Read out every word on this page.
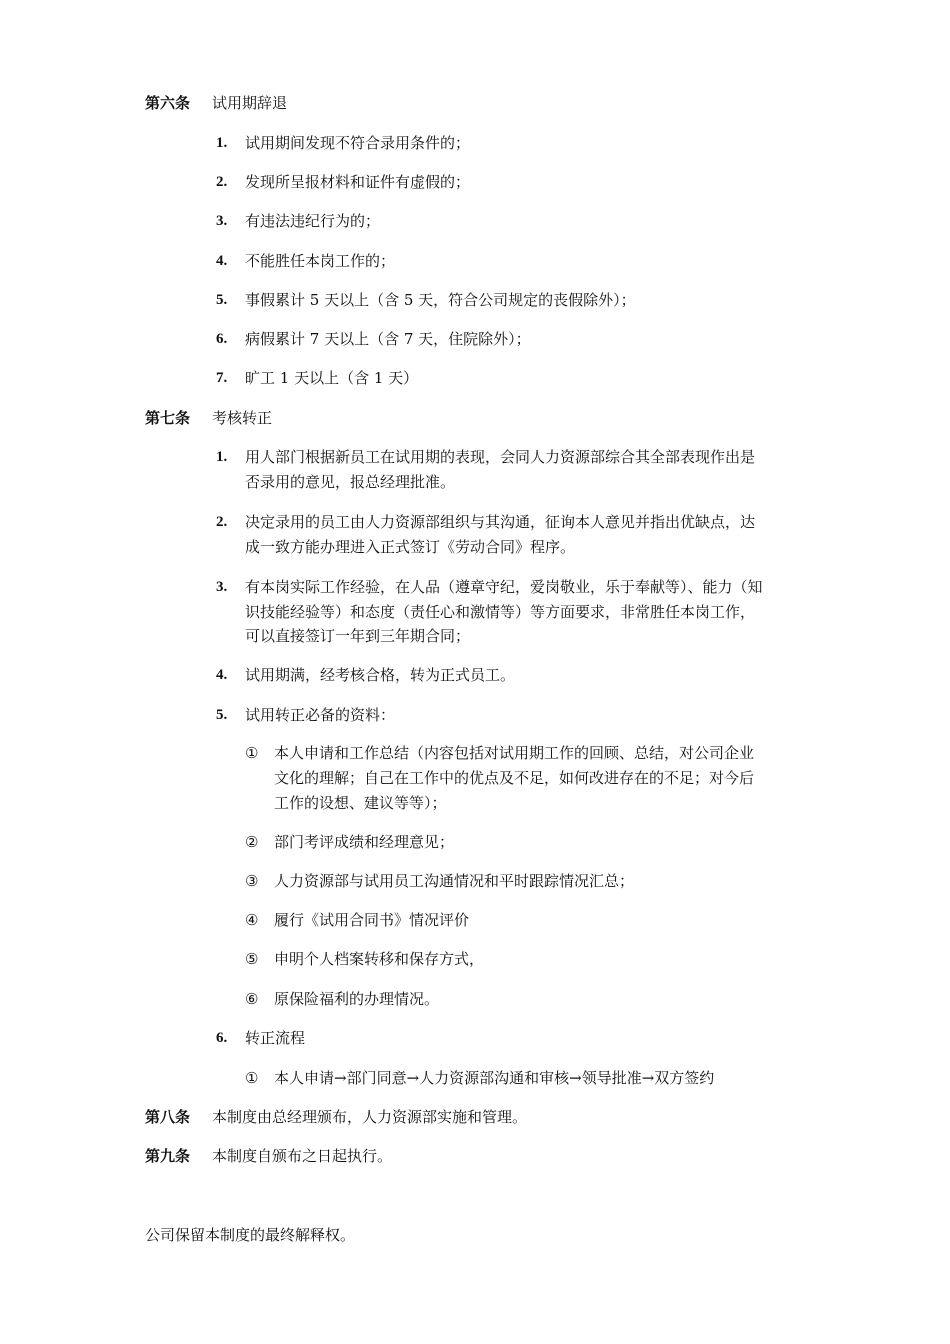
第六条 试用期辞退
1. 试用期间发现不符合录用条件的；
2. 发现所呈报材料和证件有虚假的；
3. 有违法违纪行为的；
4. 不能胜任本岗工作的；
5. 事假累计 5 天以上（含 5 天，符合公司规定的丧假除外）；
6. 病假累计 7 天以上（含 7 天，住院除外）；
7. 旷工 1 天以上（含 1 天）
第七条 考核转正
1. 用人部门根据新员工在试用期的表现，会同人力资源部综合其全部表现作出是
否录用的意见，报总经理批准。
2. 决定录用的员工由人力资源部组织与其沟通，征询本人意见并指出优缺点，达
成一致方能办理进入正式签订《劳动合同》程序。
3. 有本岗实际工作经验，在人品（遵章守纪，爱岗敬业，乐于奉献等）、能力（知
识技能经验等）和态度（责任心和激情等）等方面要求，非常胜任本岗工作，
可以直接签订一年到三年期合同；
4. 试用期满，经考核合格，转为正式员工。
5. 试用转正必备的资料：
① 本人申请和工作总结（内容包括对试用期工作的回顾、总结，对公司企业
文化的理解；自己在工作中的优点及不足，如何改进存在的不足；对今后
工作的设想、建议等等）；
② 部门考评成绩和经理意见；
③ 人力资源部与试用员工沟通情况和平时跟踪情况汇总；
④ 履行《试用合同书》情况评价
⑤ 申明个人档案转移和保存方式，
⑥ 原保险福利的办理情况。
6. 转正流程
① 本人申请→部门同意→人力资源部沟通和审核→领导批准→双方签约
第八条 本制度由总经理颁布，人力资源部实施和管理。
第九条 本制度自颁布之日起执行。
公司保留本制度的最终解释权。
